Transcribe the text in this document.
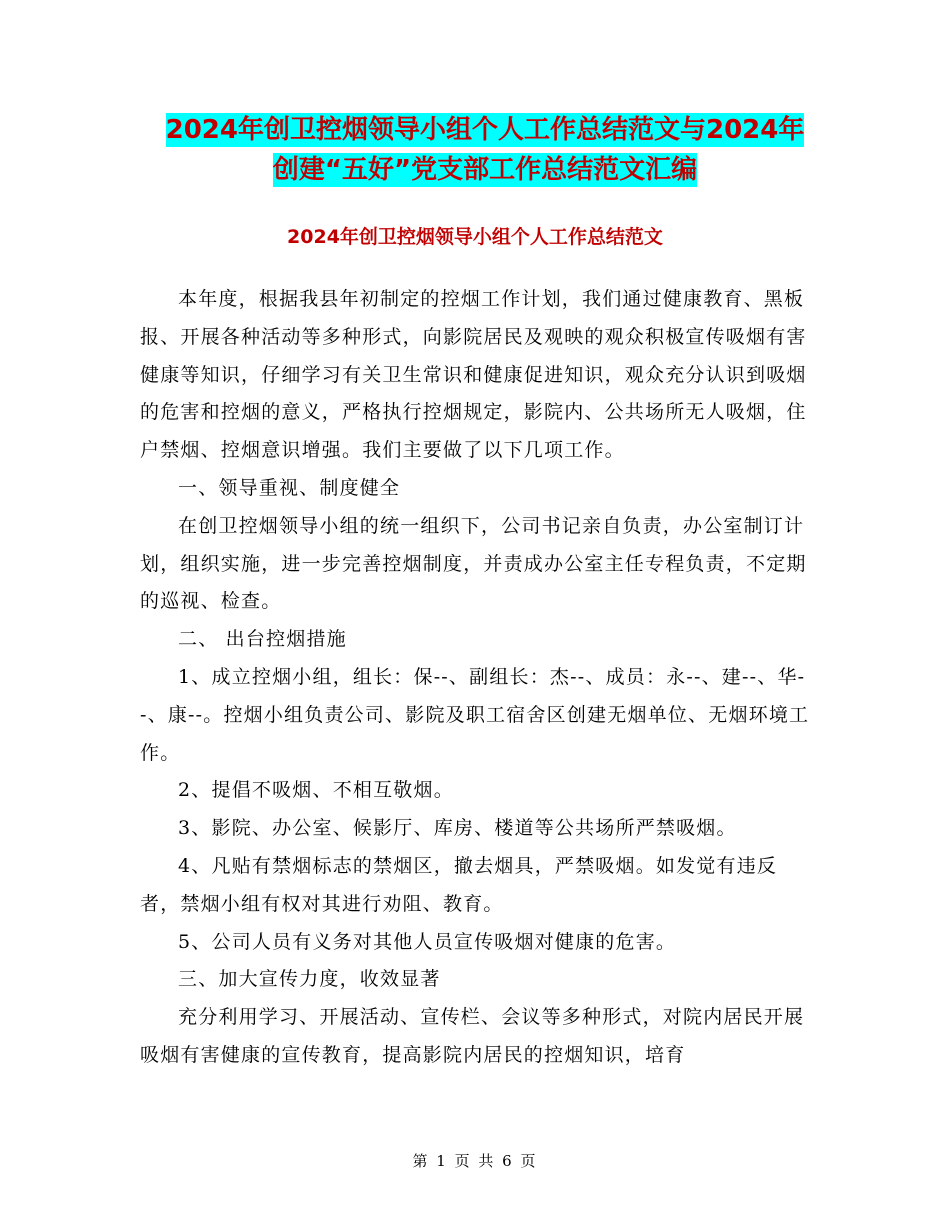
2024年创卫控烟领导小组个人工作总结范文与2024年
创建“五好”党支部工作总结范文汇编
2024年创卫控烟领导小组个人工作总结范文

本年度，根据我县年初制定的控烟工作计划，我们通过健康教育、黑板报、开展各种活动等多种形式，向影院居民及观映的观众积极宣传吸烟有害健康等知识，仔细学习有关卫生常识和健康促进知识，观众充分认识到吸烟的危害和控烟的意义，严格执行控烟规定，影院内、公共场所无人吸烟，住户禁烟、控烟意识增强。我们主要做了以下几项工作。

一、领导重视、制度健全

在创卫控烟领导小组的统一组织下，公司书记亲自负责，办公室制订计划，组织实施，进一步完善控烟制度，并责成办公室主任专程负责，不定期的巡视、检查。

二、 出台控烟措施

1、成立控烟小组，组长：保--、副组长：杰--、成员：永--、建--、华--、康--。控烟小组负责公司、影院及职工宿舍区创建无烟单位、无烟环境工作。

2、提倡不吸烟、不相互敬烟。

3、影院、办公室、候影厅、库房、楼道等公共场所严禁吸烟。

4、凡贴有禁烟标志的禁烟区，撤去烟具，严禁吸烟。如发觉有违反者，禁烟小组有权对其进行劝阻、教育。

5、公司人员有义务对其他人员宣传吸烟对健康的危害。

三、加大宣传力度，收效显著

充分利用学习、开展活动、宣传栏、会议等多种形式，对院内居民开展吸烟有害健康的宣传教育，提高影院内居民的控烟知识，培育

第 1 页 共 6 页
